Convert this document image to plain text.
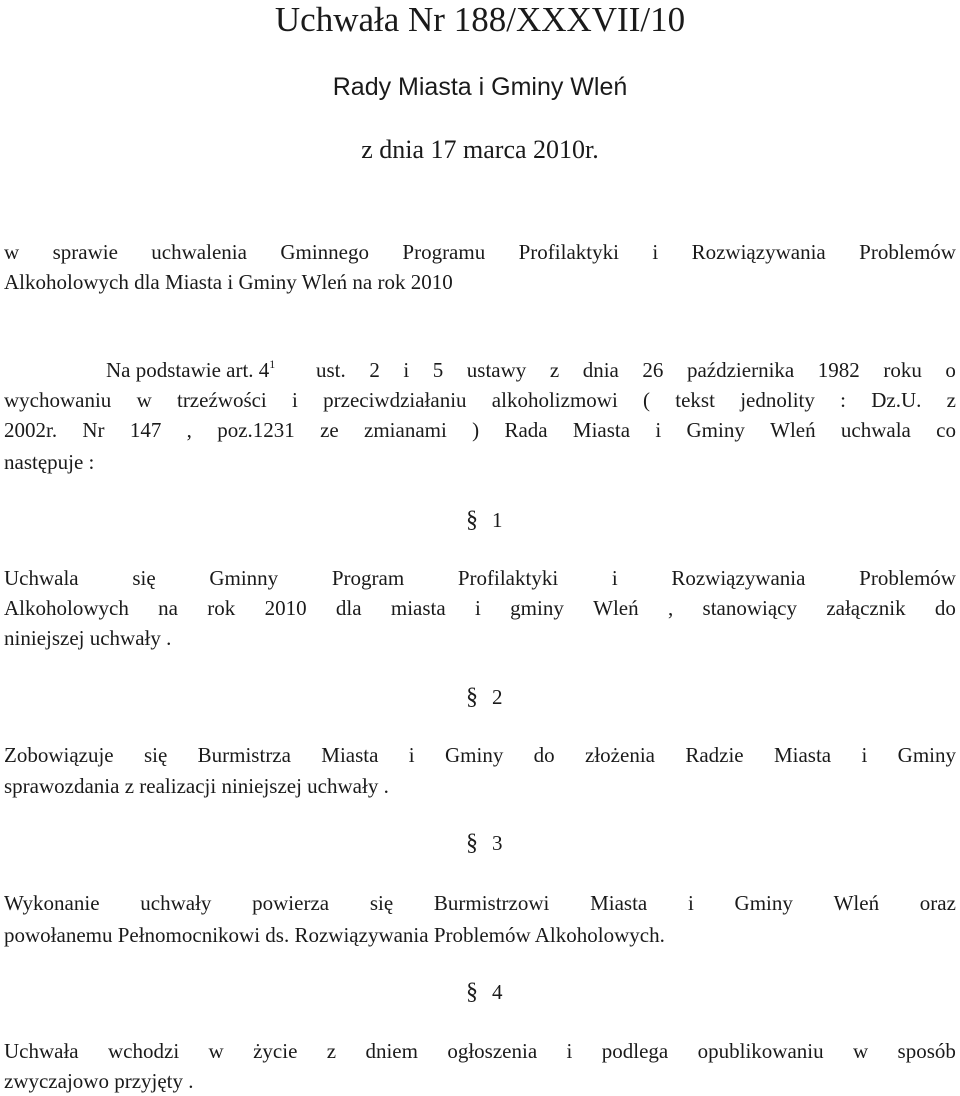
Uchwała Nr 188/XXXVII/10

Rady Miasta i Gminy Wleń

z dnia 17 marca 2010r.

w sprawie uchwalenia Gminnego Programu Profilaktyki i Rozwiązywania Problemów

Alkoholowych dla Miasta i Gminy Wleń na rok 2010

Na podstawie art. $4^1$ ust. 2 i 5 ustawy z dnia 26 października 1982 roku o

wychowaniu w trzeźwości i przeciwdziałaniu alkoholizmowi ( tekst jednolity : Dz.U. z

2002r. Nr 147 , poz.1231 ze zmianami ) Rada Miasta i Gminy Wleń uchwala co

następuje :

§ 1

Uchwala	się	Gminny	Program	Profilaktyki	i	Rozwiązywania	Problemów

Alkoholowych na rok 2010 dla miasta i gminy Wleń , stanowiący załącznik do

niniejszej uchwały .

§ 2

Zobowiązuje się Burmistrza Miasta i Gminy do złożenia Radzie Miasta i Gminy

sprawozdania z realizacji niniejszej uchwały .

§ 3

Wykonanie uchwały powierza się Burmistrzowi Miasta i Gminy Wleń oraz

powołanemu Pełnomocnikowi ds. Rozwiązywania Problemów Alkoholowych.

§ 4

Uchwała wchodzi w życie z dniem ogłoszenia i podlega opublikowaniu w sposób

zwyczajowo przyjęty .
